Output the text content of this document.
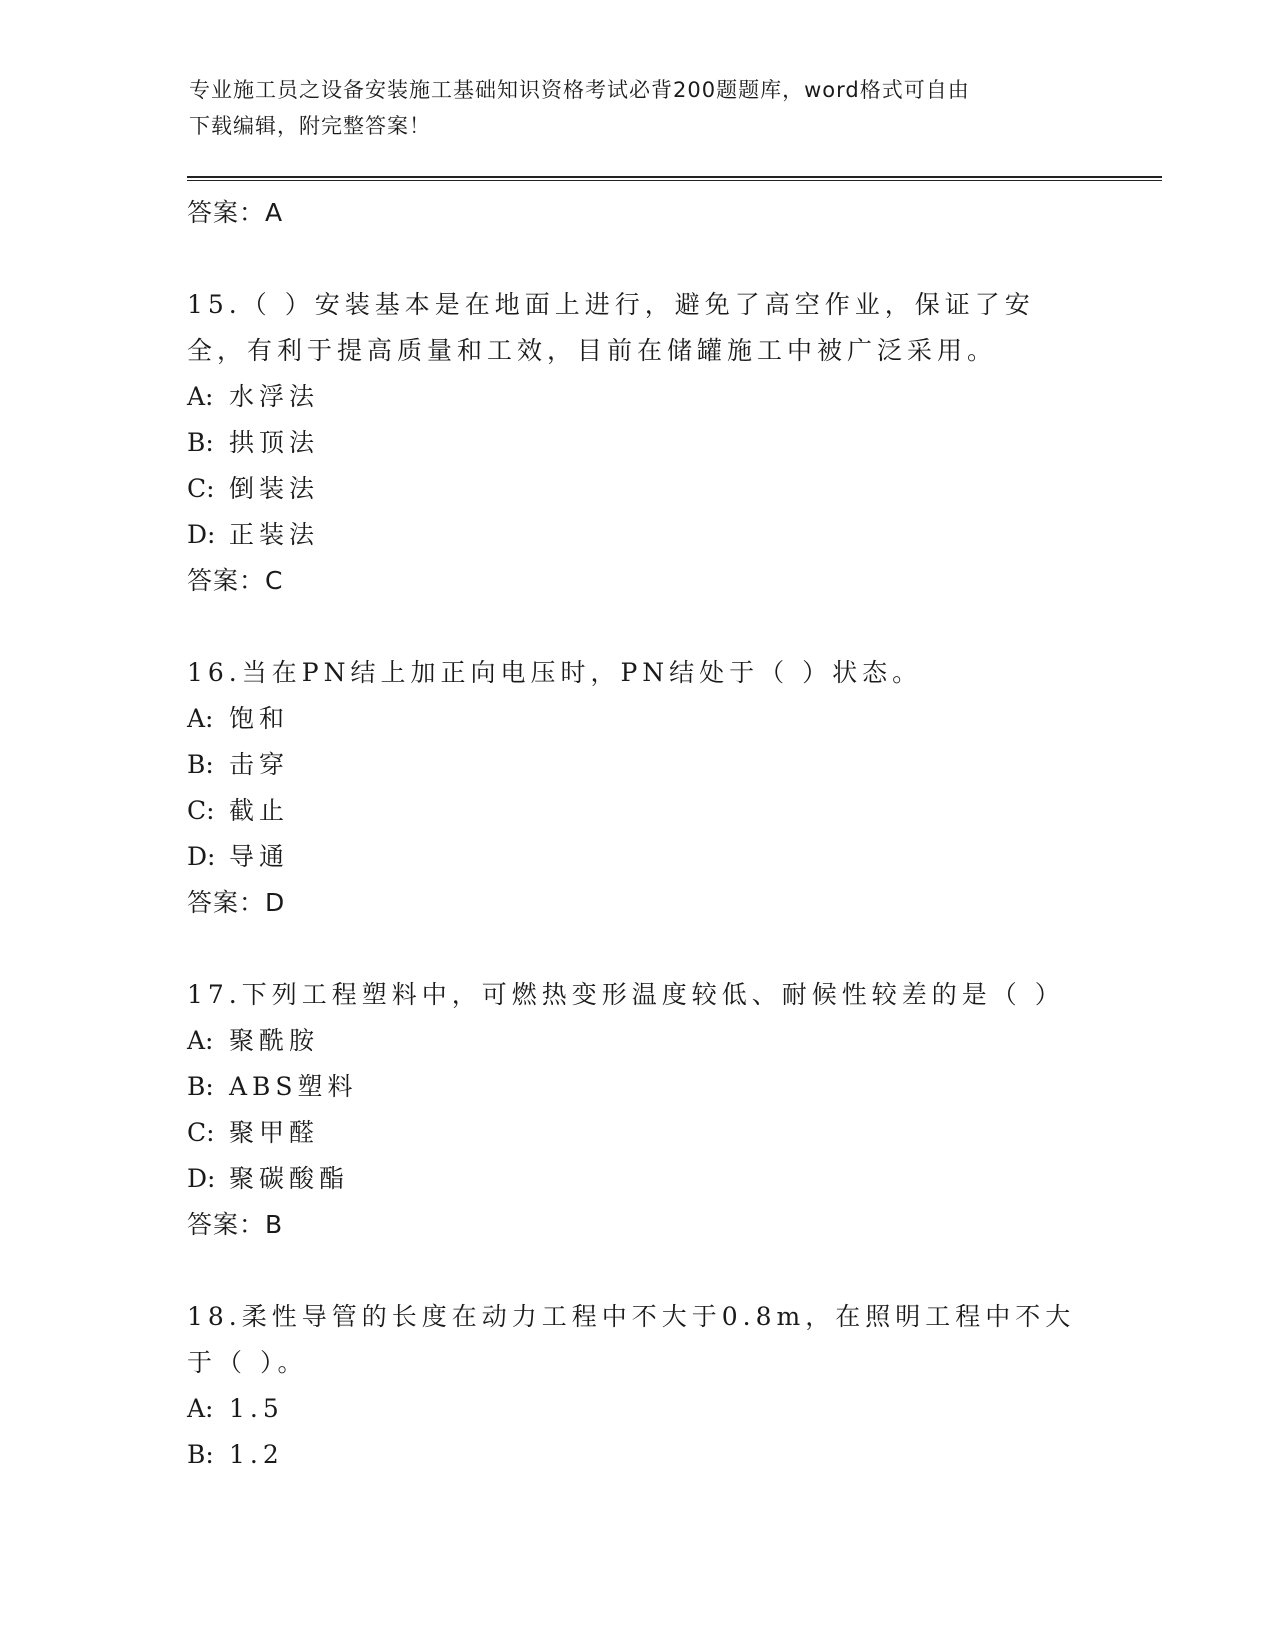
专业施工员之设备安装施工基础知识资格考试必背200题题库，word格式可自由
下载编辑，附完整答案！
答案：A
15.（ ）安装基本是在地面上进行，避免了高空作业，保证了安全，有利于提高质量和工效，目前在储罐施工中被广泛采用。
A: 水浮法
B: 拱顶法
C: 倒装法
D: 正装法
答案：C
16.当在PN结上加正向电压时，PN结处于（ ）状态。
A: 饱和
B: 击穿
C: 截止
D: 导通
答案：D
17.下列工程塑料中，可燃热变形温度较低、耐候性较差的是（ ）
A: 聚酰胺
B: ABS塑料
C: 聚甲醛
D: 聚碳酸酯
答案：B
18.柔性导管的长度在动力工程中不大于0.8m，在照明工程中不大于（ ）。
A: 1.5
B: 1.2
